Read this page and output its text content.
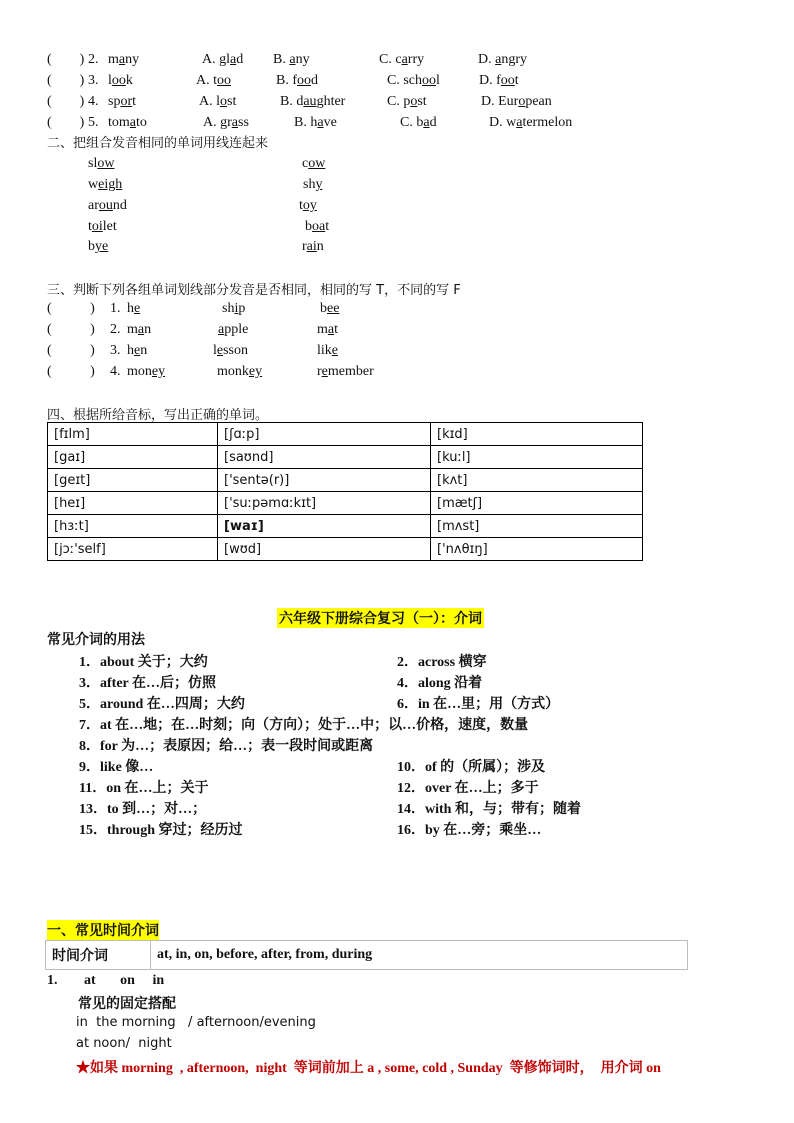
(        ) 2. many	A. glad B. any	C. carry	D. angry
(        ) 3. look	A. too	B. food	C. school	D. foot
(        ) 4. sport	A. lost	B. daughter	C. post	D. European
(        ) 5. tomato	A. grass	B. have	C. bad	D. watermelon
二、把组合发音相同的单词用线连起来
slow
weigh
around
toilet
bye
cow
shy
toy
boat
rain
三、判断下列各组单词划线部分发音是否相同，相同的写 T，不同的写 F
(           ) 1. he	ship	bee
(           ) 2. man	apple	mat
(           ) 3. hen	lesson	like
(           ) 4. money	monkey	remember
四、根据所给音标，写出正确的单词。
[fɪlm]	[ʃɑːp]	[kɪd]
[gaɪ]	[saʊnd]	[kuːl]
[geɪt]	['sentə(r)]	[kʌt]
[heɪ]	['suːpəmɑːkɪt]	[mætʃ]
[hɜːt]	[waɪ]	[mʌst]
[jɔː'self]	[wʊd]	['nʌθɪŋ]
六年级下册综合复习（一）：介词
常见介词的用法
1．about 关于；大约	2．across 横穿
3．after 在…后；仿照	4．along 沿着
5．around 在…四周；大约	6．in 在…里；用（方式）
7．at 在…地；在…时刻；向（方向）；处于…中；以…价格，速度，数量
8．for 为…；表原因；给…；表一段时间或距离
9．like 像…	10．of 的（所属）；涉及
11．on 在…上；关于	12．over 在…上；多于
13．to 到…；对…；	14．with 和，与；带有；随着
15．through 穿过；经历过	16．by 在…旁；乘坐…
一、常见时间介词
时间介词	at, in, on, before, after, from, during
1. at       on     in
常见的固定搭配
in  the morning   / afternoon/evening
at noon/  night
★如果 morning  , afternoon,  night  等词前加上 a , some, cold , Sunday  等修饰词时，  用介词 on
